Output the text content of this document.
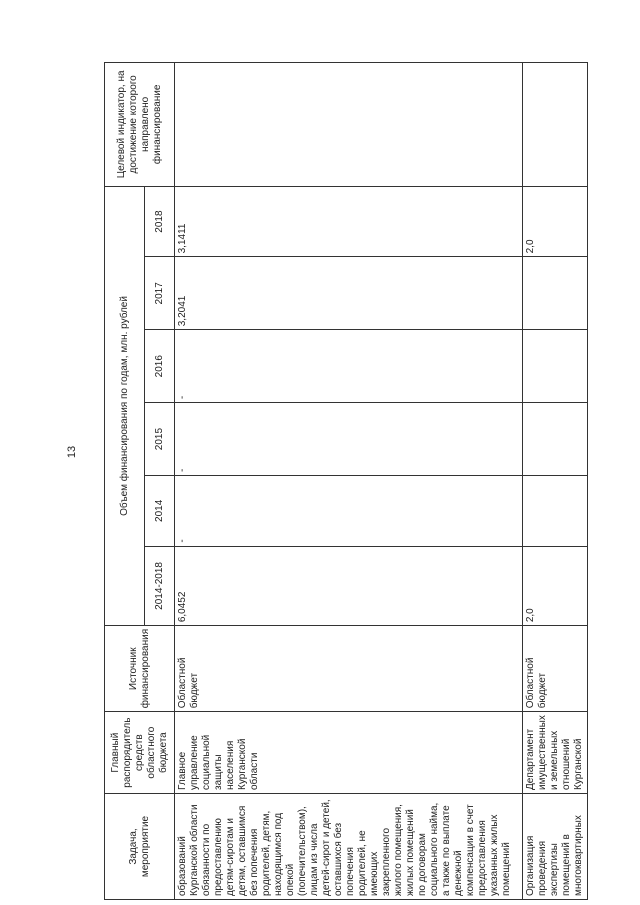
13
Задача, мероприятие	Главный распорядитель средств областного бюджета	Источник финансирования	Объем финансирования по годам, млн. рублей						Целевой индикатор, на достижение которого направлено финансирование
			2014-2018	2014	2015	2016	2017	2018	
образований Курганской области обязанности по предоставлению детям-сиротам и детям, оставшимся без попечения родителей, детям, находящимся под опекой (попечительством), лицам из числа детей-сирот и детей, оставшихся без попечения родителей, не имеющих закрепленного жилого помещения, жилых помещений по договорам социального найма, а также по выплате денежной компенсации в счет предоставления указанных жилых помещений	Главное управление социальной защиты населения Курганской области	Областной бюджет	6,0452	-	-	-	3,2041	3,1411	
Организация проведения экспертизы помещений в многоквартирных	Департамент имущественных и земельных отношений Курганской	Областной бюджет	2,0					2,0	
